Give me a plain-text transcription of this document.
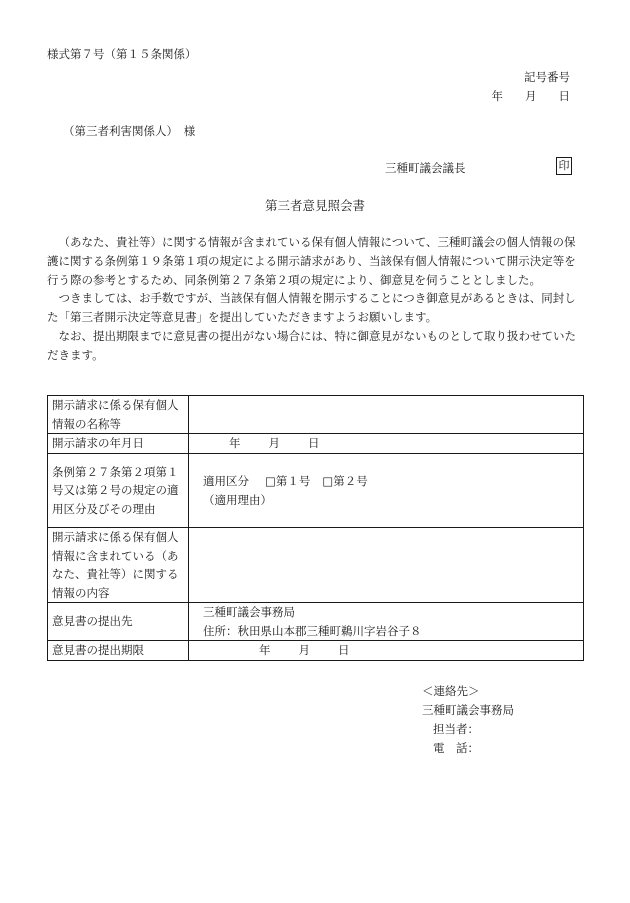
様式第７号（第１５条関係）
記号番号
年 月 日
（第三者利害関係人）　様
三種町議会議長	印
第三者意見照会書

（あなた、貴社等）に関する情報が含まれている保有個人情報について、三種町議会の個人情報の保護に関する条例第１９条第１項の規定による開示請求があり、当該保有個人情報について開示決定等を行う際の参考とするため、同条例第２７条第２項の規定により、御意見を伺うこととしました。

つきましては、お手数ですが、当該保有個人情報を開示することにつき御意見があるときは、同封した「第三者開示決定等意見書」を提出していただきますようお願いします。

なお、提出期限までに意見書の提出がない場合には、特に御意見がないものとして取り扱わせていただきます。

開示請求に係る保有個人情報の名称等	
開示請求の年月日	年 月 日
条例第２７条第２項第１号又は第２号の規定の適用区分及びその理由	適用区分 □第１号 □第２号
（適用理由）

開示請求に係る保有個人情報に含まれている（あなた、貴社等）に関する情報の内容	
意見書の提出先	三種町議会事務局
住所：秋田県山本郡三種町鵜川字岩谷子８

意見書の提出期限	年 月 日
＜連絡先＞
三種町議会事務局
担当者：
電　話：
